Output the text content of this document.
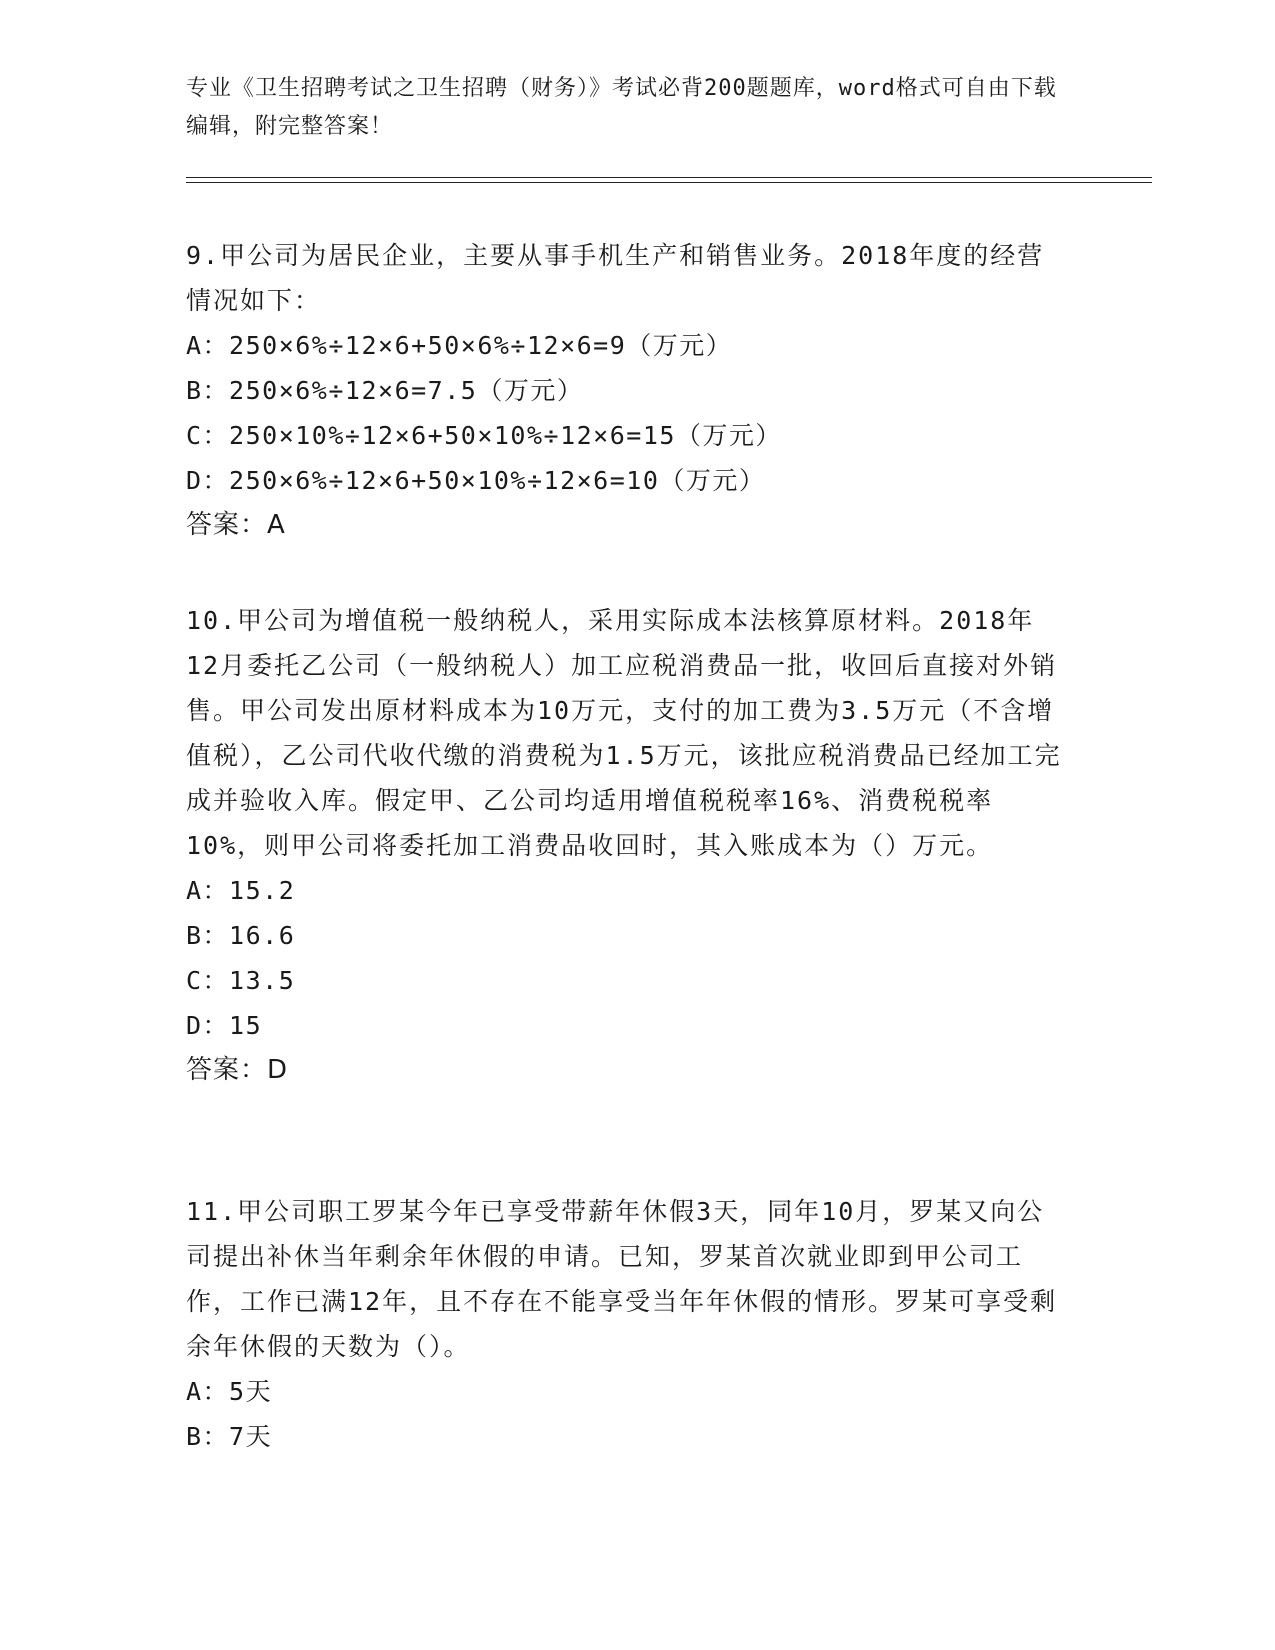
专业《卫生招聘考试之卫生招聘（财务）》考试必背200题题库，word格式可自由下载编辑，附完整答案！

9.甲公司为居民企业，主要从事手机生产和销售业务。2018年度的经营情况如下：

A：250×6%÷12×6+50×6%÷12×6=9（万元）

B：250×6%÷12×6=7.5（万元）

C：250×10%÷12×6+50×10%÷12×6=15（万元）

D：250×6%÷12×6+50×10%÷12×6=10（万元）

答案：A

10.甲公司为增值税一般纳税人，采用实际成本法核算原材料。2018年12月委托乙公司（一般纳税人）加工应税消费品一批，收回后直接对外销售。甲公司发出原材料成本为10万元，支付的加工费为3.5万元（不含增值税），乙公司代收代缴的消费税为1.5万元，该批应税消费品已经加工完成并验收入库。假定甲、乙公司均适用增值税税率16%、消费税税率10%，则甲公司将委托加工消费品收回时，其入账成本为（）万元。

A：15.2

B：16.6

C：13.5

D：15

答案：D

11.甲公司职工罗某今年已享受带薪年休假3天，同年10月，罗某又向公司提出补休当年剩余年休假的申请。已知，罗某首次就业即到甲公司工作，工作已满12年，且不存在不能享受当年年休假的情形。罗某可享受剩余年休假的天数为（）。

A：5天

B：7天
